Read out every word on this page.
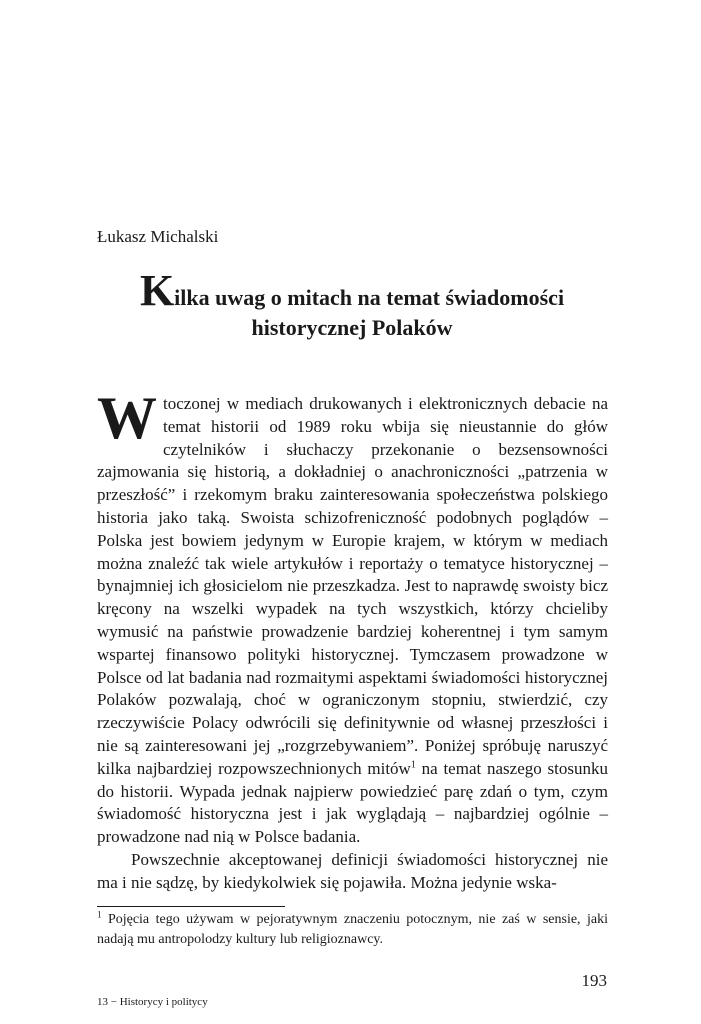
Łukasz Michalski
Kilka uwag o mitach na temat świadomości
historycznej Polaków

Wtoczonej w mediach drukowanych i elektronicznych debacie na temat historii od 1989 roku wbija się nieustannie do głów czytelników i słuchaczy przekonanie o bezsensowności zajmowania się historią, a dokładniej o anachroniczności „patrzenia w przeszłość” i rzekomym braku zainteresowania społeczeństwa polskiego historia jako taką. Swoista schizofreniczność podobnych poglądów – Polska jest bowiem jedynym w Europie krajem, w którym w mediach można znaleźć tak wiele artykułów i reportaży o tematyce historycznej – bynajmniej ich głosicielom nie przeszkadza. Jest to naprawdę swoisty bicz kręcony na wszelki wypadek na tych wszystkich, którzy chcieliby wymusić na państwie prowadzenie bardziej koherentnej i tym samym wspartej finansowo polityki historycznej. Tymczasem prowadzone w Polsce od lat badania nad rozmaitymi aspektami świadomości historycznej Polaków pozwalają, choć w ograniczonym stopniu, stwierdzić, czy rzeczywiście Polacy odwrócili się definitywnie od własnej przeszłości i nie są zainteresowani jej „rozgrzebywaniem”. Poniżej spróbuję naruszyć kilka najbardziej rozpowszechnionych mitów$^1$ na temat naszego stosunku do historii. Wypada jednak najpierw powiedzieć parę zdań o tym, czym świadomość historyczna jest i jak wyglądają – najbardziej ogólnie – prowadzone nad nią w Polsce badania.

Powszechnie akceptowanej definicji świadomości historycznej nie ma i nie sądzę, by kiedykolwiek się pojawiła. Można jedynie wska-

$^1$ Pojęcia tego używam w pejoratywnym znaczeniu potocznym, nie zaś w sensie, jaki nadają mu antropolodzy kultury lub religioznawcy.
193
13 − Historycy i politycy
